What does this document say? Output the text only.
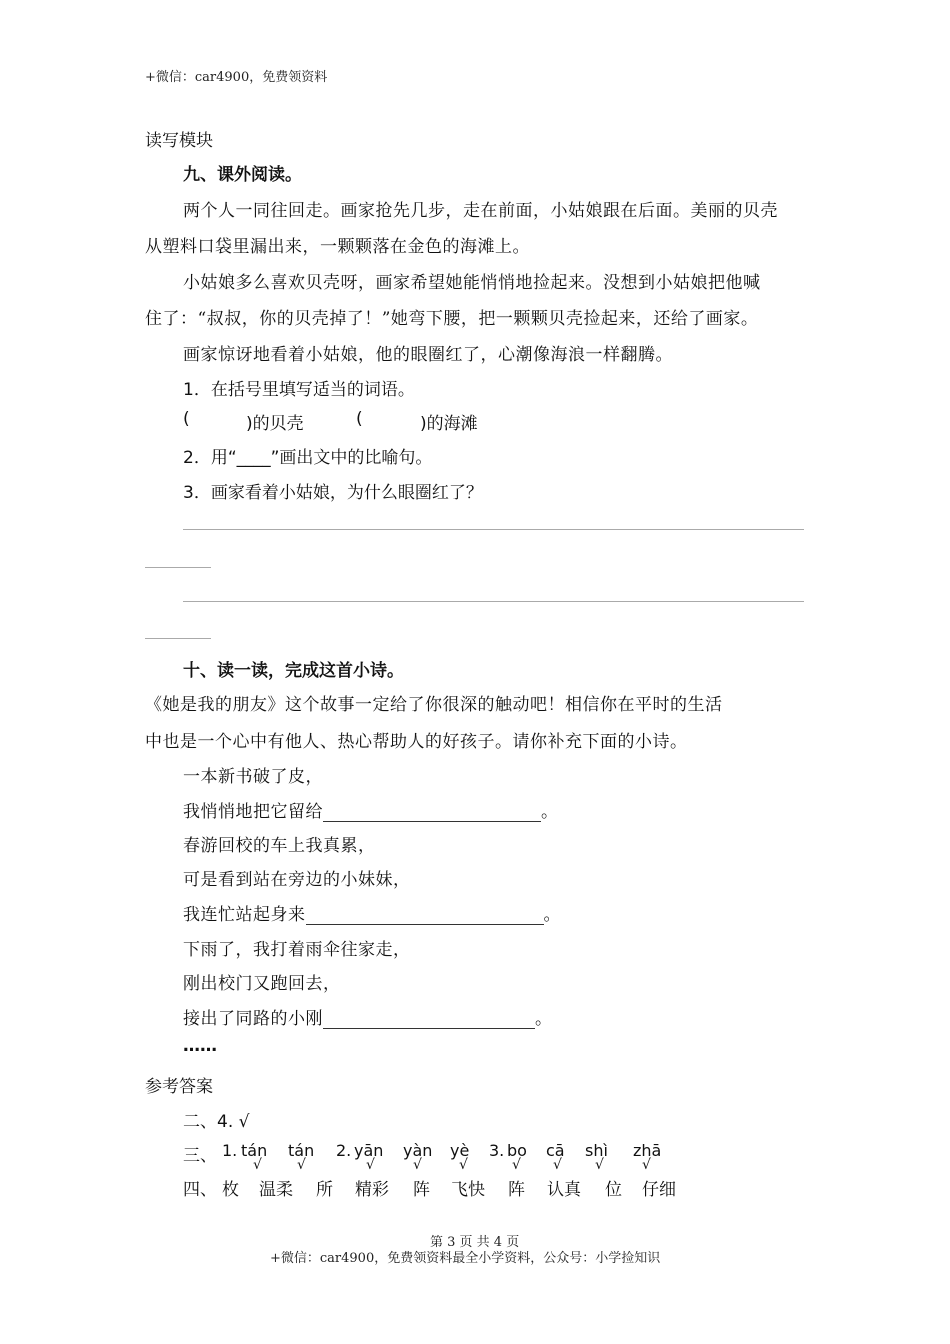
+微信：car4900，免费领资料
读写模块
九、课外阅读。
两个人一同往回走。画家抢先几步，走在前面，小姑娘跟在后面。美丽的贝壳
从塑料口袋里漏出来，一颗颗落在金色的海滩上。
小姑娘多么喜欢贝壳呀，画家希望她能悄悄地捡起来。没想到小姑娘把他喊
住了：“叔叔，你的贝壳掉了！”她弯下腰，把一颗颗贝壳捡起来，还给了画家。
画家惊讶地看着小姑娘，他的眼圈红了，心潮像海浪一样翻腾。
1．在括号里填写适当的词语。
(	)的贝壳	(	)的海滩
2．用“____”画出文中的比喻句。
3．画家看着小姑娘，为什么眼圈红了？
十、读一读，完成这首小诗。
《她是我的朋友》这个故事一定给了你很深的触动吧！相信你在平时的生活
中也是一个心中有他人、热心帮助人的好孩子。请你补充下面的小诗。
一本新书破了皮，
我悄悄地把它留给	。
春游回校的车上我真累，
可是看到站在旁边的小妹妹，
我连忙站起身来	。
下雨了，我打着雨伞往家走，
刚出校门又跑回去，
接出了同路的小刚	。
……
参考答案
二、4. √
三、 1. tán tán 2. yān yàn yè 3. bo cā shì zhā
√	√	√	√	√	√ √ √	√
四、 枚 温柔 所 精彩 阵 飞快 阵 认真 位 仔细
第 3 页 共 4 页
+微信：car4900，免费领资料最全小学资料，公众号：小学捡知识
